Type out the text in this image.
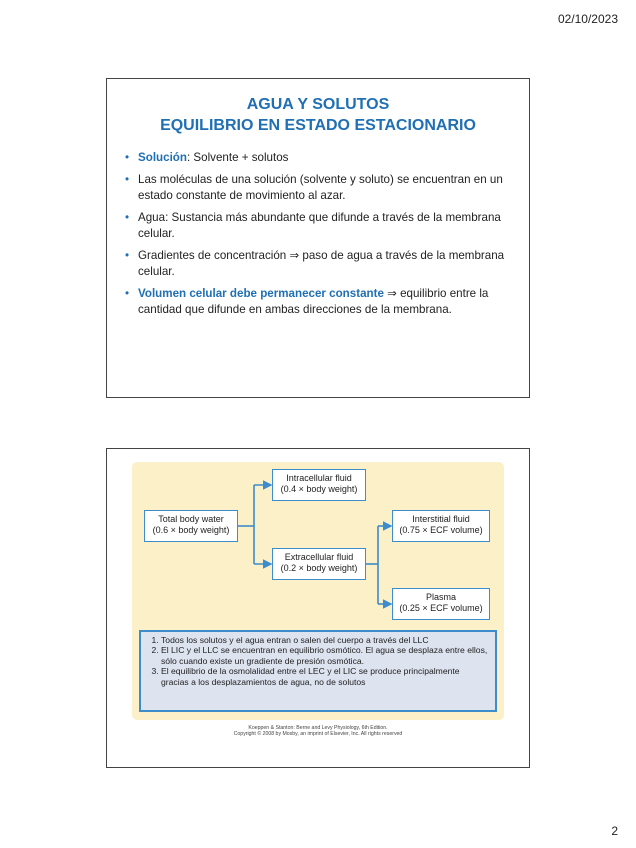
02/10/2023
AGUA Y SOLUTOS
EQUILIBRIO EN ESTADO ESTACIONARIO
• Solución: Solvente + solutos
• Las moléculas de una solución (solvente y soluto) se encuentran en un estado constante de movimiento al azar.
• Agua: Sustancia más abundante que difunde a través de la membrana celular.
• Gradientes de concentración ⇒ paso de agua a través de la membrana celular.
• Volumen celular debe permanecer constante ⇒ equilibrio entre la cantidad que difunde en ambas direcciones de la membrana.
Total body water
(0.6 × body weight)
Intracellular fluid
(0.4 × body weight)
Extracellular fluid
(0.2 × body weight)
Interstitial fluid
(0.75 × ECF volume)
Plasma
(0.25 × ECF volume)
1. Todos los solutos y el agua entran o salen del cuerpo a través del LLC
2. El LIC y el LLC se encuentran en equilibrio osmótico. El agua se desplaza entre ellos, sólo cuando existe un gradiente de presión osmótica.
3. El equilibrio de la osmolalidad entre el LEC y el LIC se produce principalmente gracias a los desplazamientos de agua, no de solutos
Koeppen & Stanton: Berne and Levy Physiology, 6th Edition.
Copyright © 2008 by Mosby, an imprint of Elsevier, Inc. All rights reserved
2
